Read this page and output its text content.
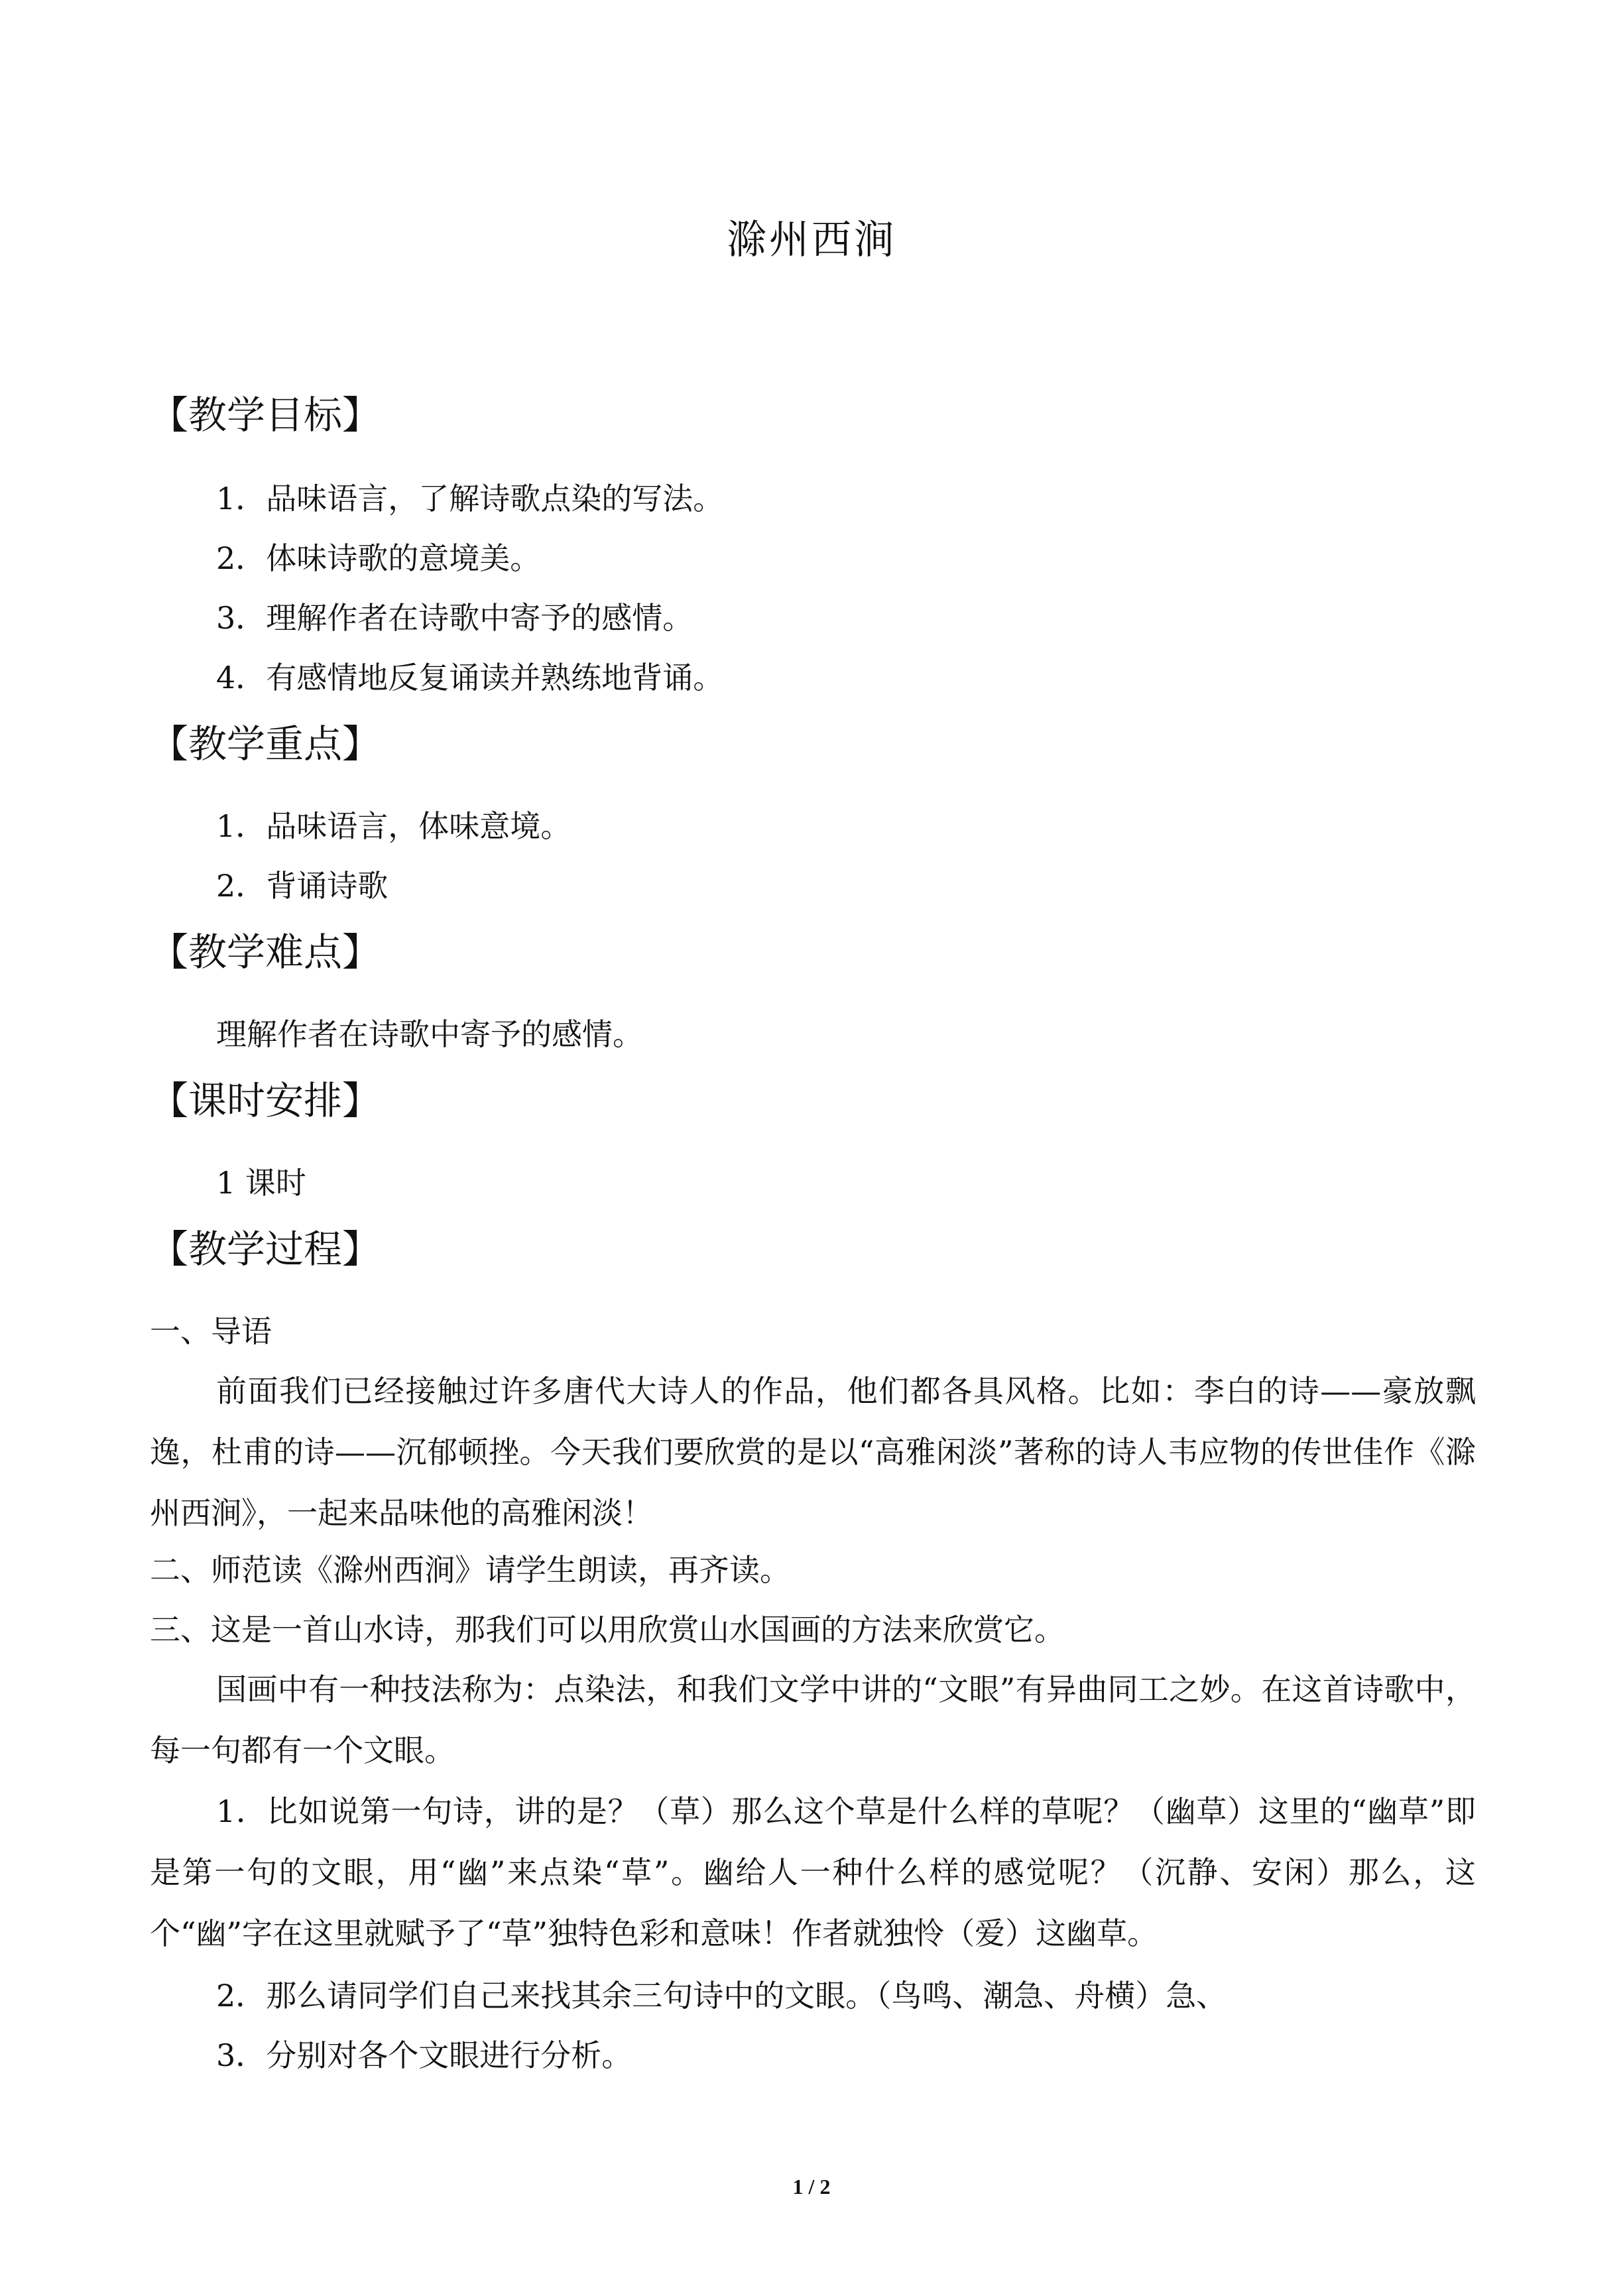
滁州西涧
【教学目标】
1．品味语言，了解诗歌点染的写法。
2．体味诗歌的意境美。
3．理解作者在诗歌中寄予的感情。
4．有感情地反复诵读并熟练地背诵。
【教学重点】
1．品味语言，体味意境。
2．背诵诗歌
【教学难点】
理解作者在诗歌中寄予的感情。
【课时安排】
1 课时
【教学过程】
一、导语
前面我们已经接触过许多唐代大诗人的作品，他们都各具风格。比如：李白的诗——豪放飘逸，杜甫的诗——沉郁顿挫。今天我们要欣赏的是以“高雅闲淡”著称的诗人韦应物的传世佳作《滁州西涧》，一起来品味他的高雅闲淡！
二、师范读《滁州西涧》请学生朗读，再齐读。
三、这是一首山水诗，那我们可以用欣赏山水国画的方法来欣赏它。
国画中有一种技法称为：点染法，和我们文学中讲的“文眼”有异曲同工之妙。在这首诗歌中，每一句都有一个文眼。
1．比如说第一句诗，讲的是？（草）那么这个草是什么样的草呢？（幽草）这里的“幽草”即是第一句的文眼，用“幽”来点染“草”。幽给人一种什么样的感觉呢？（沉静、安闲）那么，这个“幽”字在这里就赋予了“草”独特色彩和意味！作者就独怜（爱）这幽草。
2．那么请同学们自己来找其余三句诗中的文眼。（鸟鸣、潮急、舟横）急、
3．分别对各个文眼进行分析。
1 / 2
